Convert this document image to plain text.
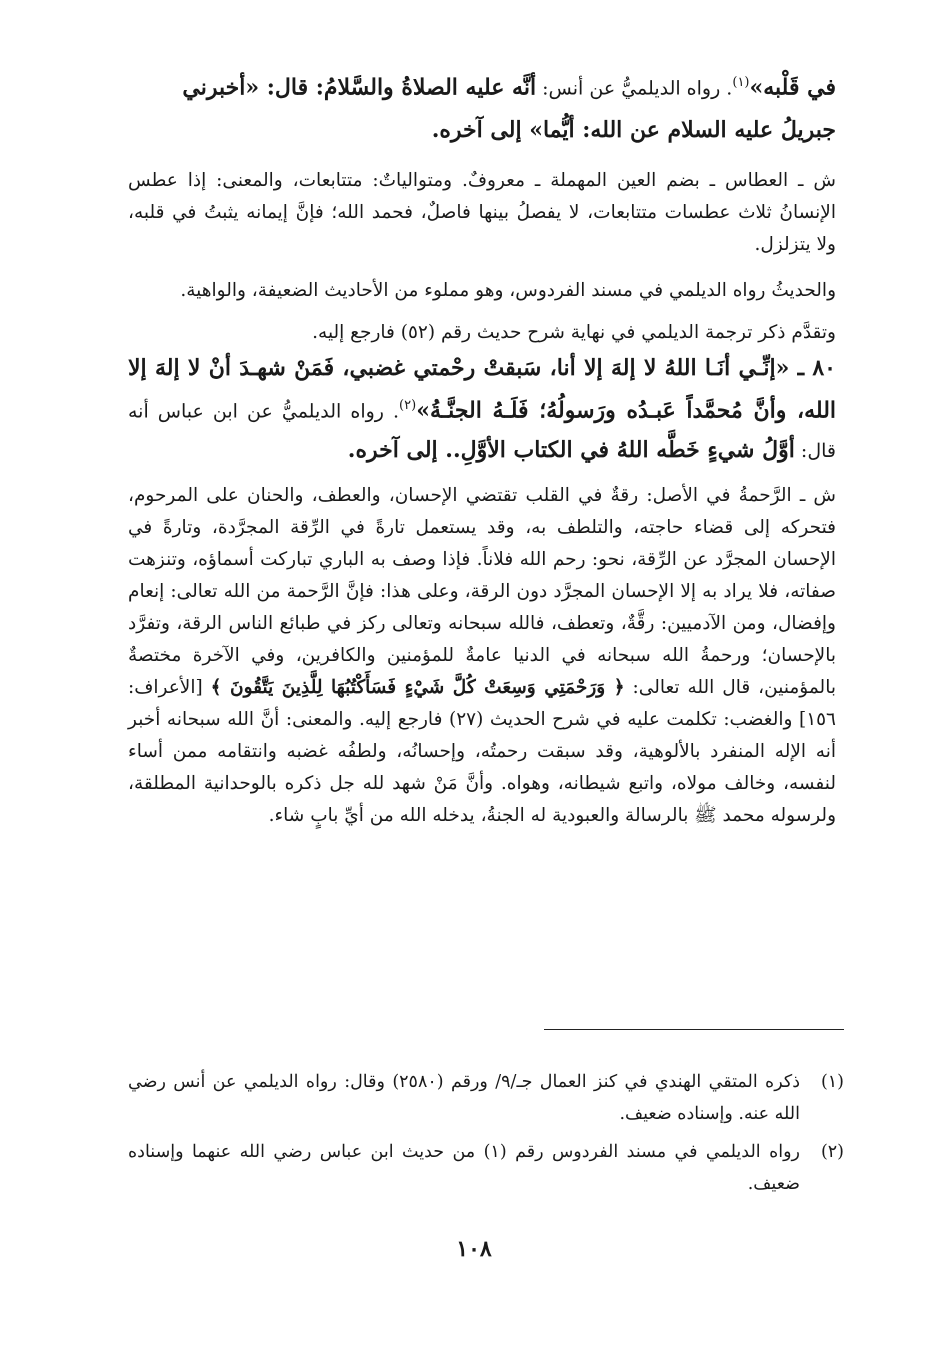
في قَلْبه»$^{(١)}$. رواه الديلميُّ عن أنس: أنَّه عليه الصلاةُ والسَّلامُ: قال: «أخبرني
جبريلُ عليه السلام عن الله: أيُّما» إلى آخره.

ش ـ العطاس ـ بضم العين المهملة ـ معروفٌ. ومتوالياتٌ: متتابعات، والمعنى: إذا عطس الإنسانُ ثلاث عطسات متتابعات، لا يفصلُ بينها فاصلٌ، فحمد الله؛ فإنَّ إيمانه يثبتُ في قلبه، ولا يتزلزل.

والحديثُ رواه الديلمي في مسند الفردوس، وهو مملوء من الأحاديث الضعيفة، والواهية.

وتقدَّم ذكر ترجمة الديلمي في نهاية شرح حديث رقم (٥٢) فارجع إليه.

٨٠ ـ «إنِّـي أنَـا اللهُ لا إلهَ إلا أنا، سَبقتْ رحْمتي غضبي، فَمَنْ شهـدَ أنْ لا إلهَ إلا الله، وأنَّ مُحمَّداً عَبـدُه ورَسولُهُ؛ فَلَـهُ الجنَّـةُ»$^{(٢)}$. رواه الديلميُّ عن ابن عباس أنه قال: أوَّلُ شيءٍ خَطَّه اللهُ في الكتاب الأوَّلِ.. إلى آخره.

ش ـ الرَّحمةُ في الأصل: رقةٌ في القلب تقتضي الإحسان، والعطف، والحنان على المرحوم، فتحركه إلى قضاء حاجته، والتلطف به، وقد يستعمل تارةً في الرِّقة المجرَّدة، وتارةً في الإحسان المجرَّد عن الرِّقة، نحو: رحم الله فلاناً. فإذا وصف به الباري تباركت أسماؤه، وتنزهت صفاته، فلا يراد به إلا الإحسان المجرَّد دون الرقة، وعلى هذا: فإنَّ الرَّحمة من الله تعالى: إنعام وإفضال، ومن الآدميين: رقَّةٌ، وتعطف، فالله سبحانه وتعالى ركز في طبائع الناس الرقة، وتفرَّد بالإحسان؛ ورحمةُ الله سبحانه في الدنيا عامةٌ للمؤمنين والكافرين، وفي الآخرة مختصةٌ بالمؤمنين، قال الله تعالى: ﴿ وَرَحْمَتِي وَسِعَتْ كُلَّ شَيْءٍ فَسَأَكْتُبُهَا لِلَّذِينَ يَتَّقُونَ ﴾ [الأعراف: ١٥٦] والغضب: تكلمت عليه في شرح الحديث (٢٧) فارجع إليه. والمعنى: أنَّ الله سبحانه أخبر أنه الإله المنفرد بالألوهية، وقد سبقت رحمتُه، وإحسانُه، ولطفُه غضبه وانتقامه ممن أساء لنفسه، وخالف مولاه، واتبع شيطانه، وهواه. وأنَّ مَنْ شهد لله جل ذكره بالوحدانية المطلقة، ولرسوله محمد ﷺ بالرسالة والعبودية له الجنةُ، يدخله الله من أيِّ بابٍ شاء.

(١)
ذكره المتقي الهندي في كنز العمال جـ/٩/ ورقم (٢٥٨٠) وقال: رواه الديلمي عن أنس رضي الله عنه. وإسناده ضعيف.
(٢)
رواه الديلمي في مسند الفردوس رقم (١) من حديث ابن عباس رضي الله عنهما وإسناده ضعيف.
١٠٨
